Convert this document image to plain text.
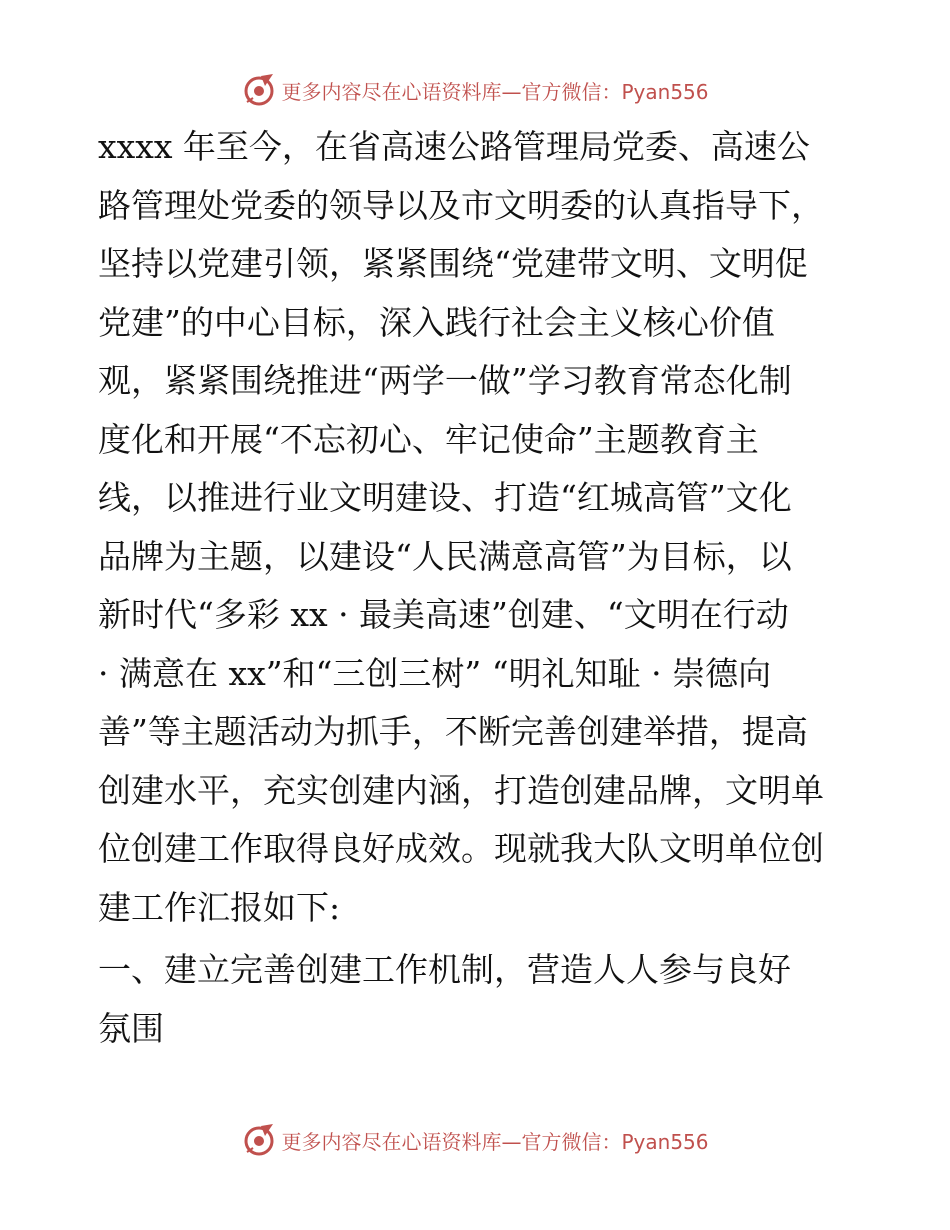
更多内容尽在心语资料库—官方微信：Pyan556
xxxx 年至今，在省高速公路管理局党委、高速公
路管理处党委的领导以及市文明委的认真指导下，
坚持以党建引领，紧紧围绕“党建带文明、文明促
党建”的中心目标，深入践行社会主义核心价值
观，紧紧围绕推进“两学一做”学习教育常态化制
度化和开展“不忘初心、牢记使命”主题教育主
线，以推进行业文明建设、打造“红城高管”文化
品牌为主题，以建设“人民满意高管”为目标，以
新时代“多彩 xx · 最美高速”创建、“文明在行动
· 满意在 xx”和“三创三树” “明礼知耻 · 崇德向
善”等主题活动为抓手，不断完善创建举措，提高
创建水平，充实创建内涵，打造创建品牌，文明单
位创建工作取得良好成效。现就我大队文明单位创
建工作汇报如下:
一、建立完善创建工作机制，营造人人参与良好
氛围
更多内容尽在心语资料库—官方微信：Pyan556
